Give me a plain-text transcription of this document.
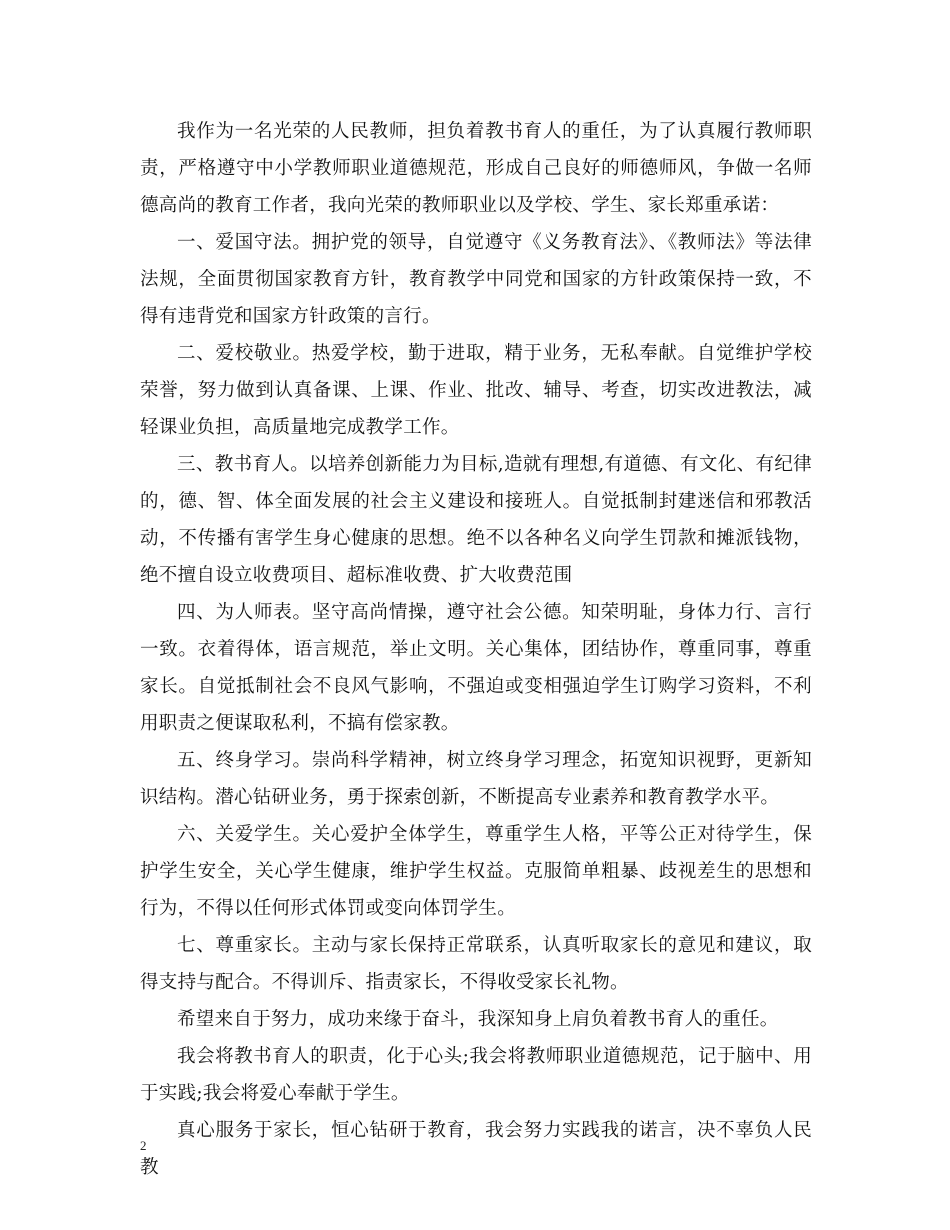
我作为一名光荣的人民教师，担负着教书育人的重任，为了认真履行教师职责，严格遵守中小学教师职业道德规范，形成自己良好的师德师风，争做一名师德高尚的教育工作者，我向光荣的教师职业以及学校、学生、家长郑重承诺：

一、爱国守法。拥护党的领导，自觉遵守《义务教育法》、《教师法》等法律法规，全面贯彻国家教育方针，教育教学中同党和国家的方针政策保持一致，不得有违背党和国家方针政策的言行。

二、爱校敬业。热爱学校，勤于进取，精于业务，无私奉献。自觉维护学校荣誉，努力做到认真备课、上课、作业、批改、辅导、考查，切实改进教法，减轻课业负担，高质量地完成教学工作。

三、教书育人。以培养创新能力为目标,造就有理想,有道德、有文化、有纪律的，德、智、体全面发展的社会主义建设和接班人。自觉抵制封建迷信和邪教活动，不传播有害学生身心健康的思想。绝不以各种名义向学生罚款和摊派钱物，绝不擅自设立收费项目、超标准收费、扩大收费范围

四、为人师表。坚守高尚情操，遵守社会公德。知荣明耻，身体力行、言行一致。衣着得体，语言规范，举止文明。关心集体，团结协作，尊重同事，尊重家长。自觉抵制社会不良风气影响，不强迫或变相强迫学生订购学习资料，不利用职责之便谋取私利，不搞有偿家教。

五、终身学习。崇尚科学精神，树立终身学习理念，拓宽知识视野，更新知识结构。潜心钻研业务，勇于探索创新，不断提高专业素养和教育教学水平。

六、关爱学生。关心爱护全体学生，尊重学生人格，平等公正对待学生，保护学生安全，关心学生健康，维护学生权益。克服简单粗暴、歧视差生的思想和行为，不得以任何形式体罚或变向体罚学生。

七、尊重家长。主动与家长保持正常联系，认真听取家长的意见和建议，取得支持与配合。不得训斥、指责家长，不得收受家长礼物。

希望来自于努力，成功来缘于奋斗，我深知身上肩负着教书育人的重任。

我会将教书育人的职责，化于心头;我会将教师职业道德规范，记于脑中、用于实践;我会将爱心奉献于学生。

真心服务于家长，恒心钻研于教育，我会努力实践我的诺言，决不辜负人民教

2
